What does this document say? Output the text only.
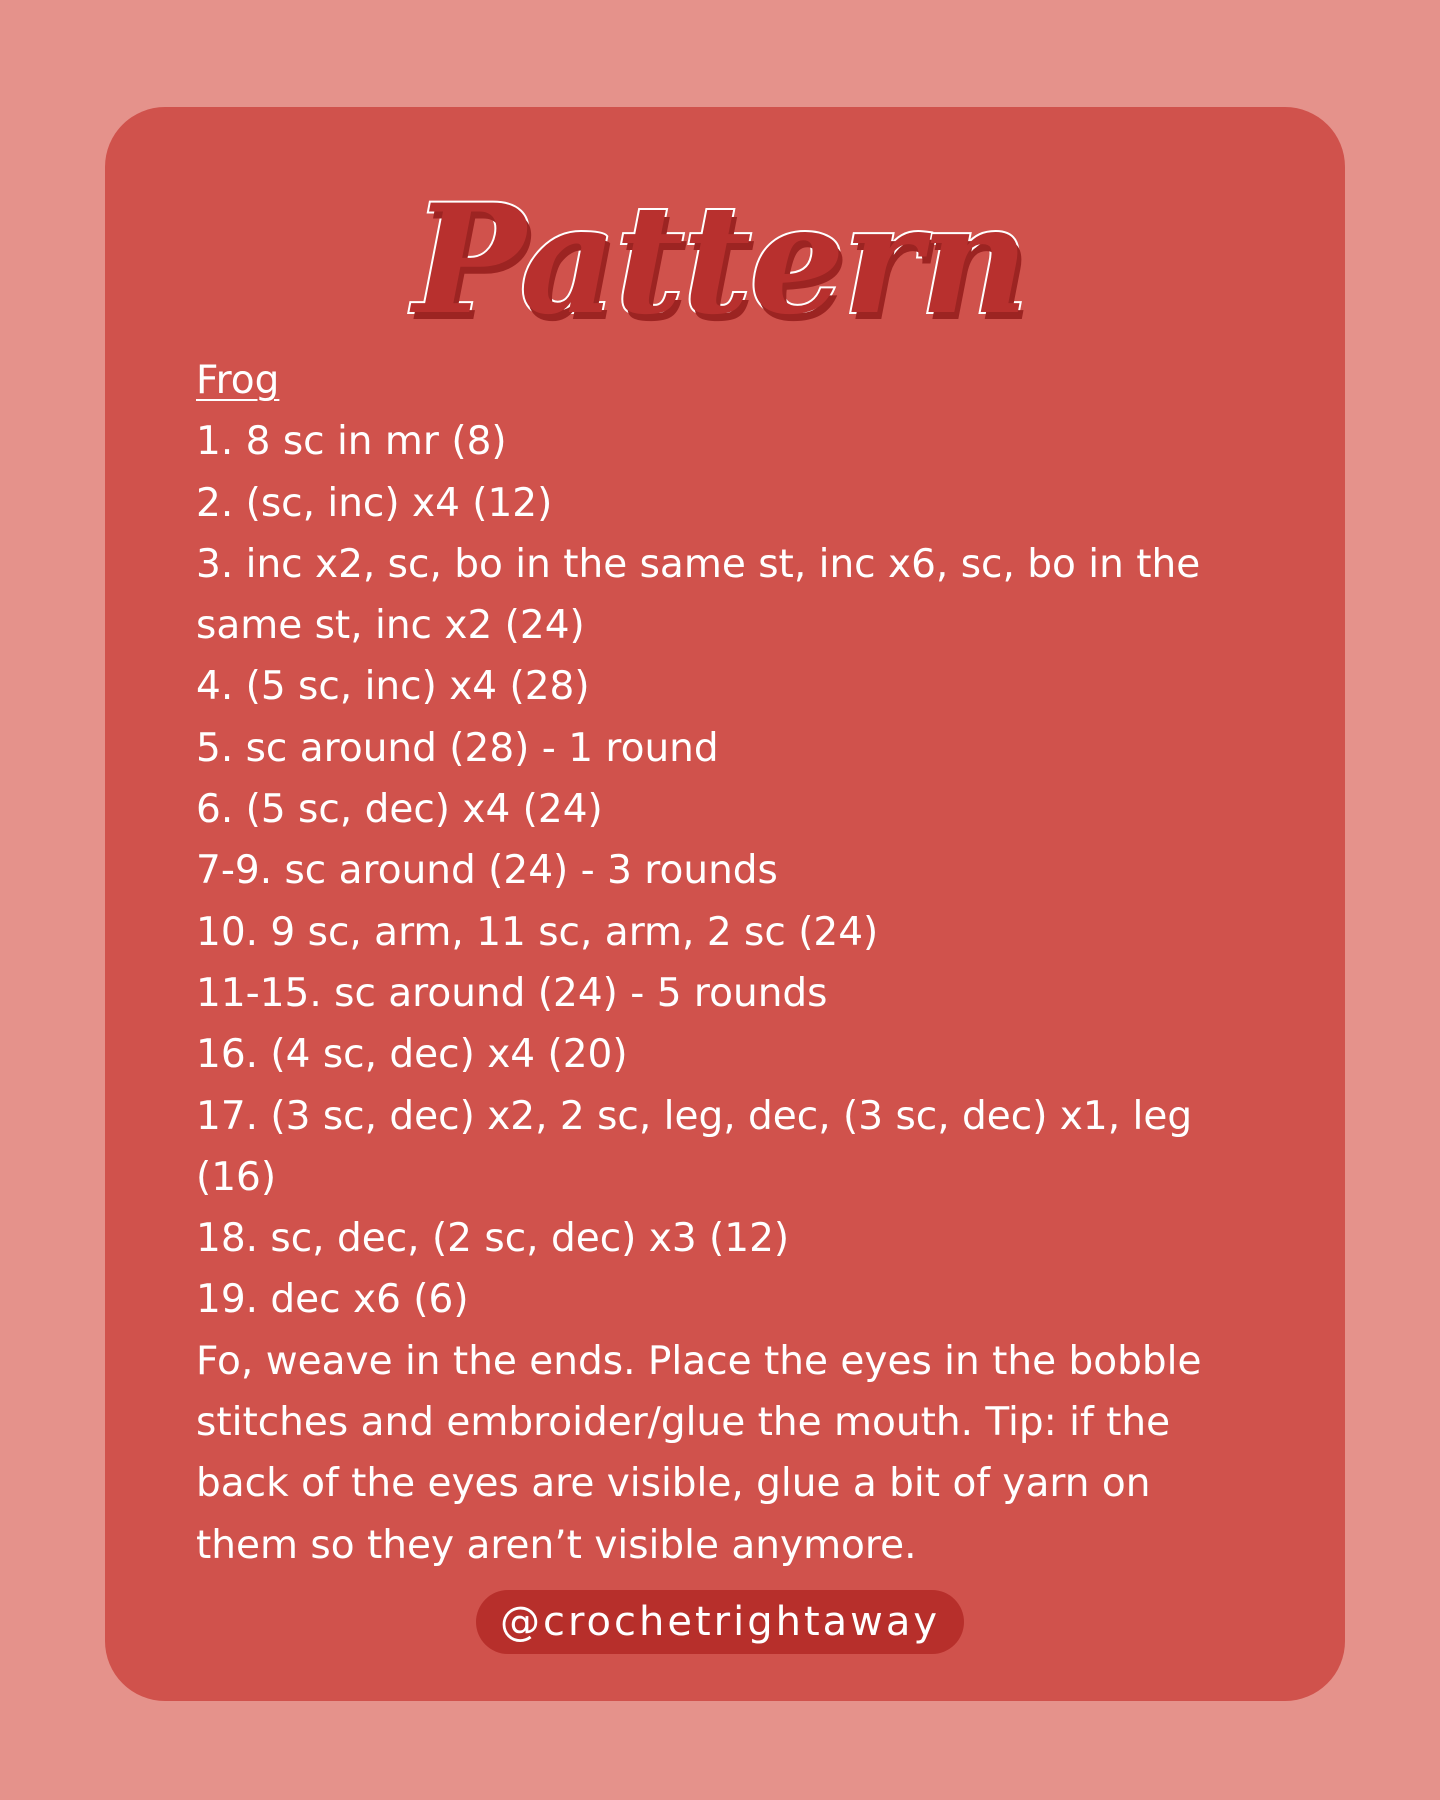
Pattern
Frog

1. 8 sc in mr (8)

2. (sc, inc) x4 (12)

3. inc x2, sc, bo in the same st, inc x6, sc, bo in the same st, inc x2 (24)

4. (5 sc, inc) x4 (28)

5. sc around (28) - 1 round

6. (5 sc, dec) x4 (24)

7-9. sc around (24) - 3 rounds

10. 9 sc, arm, 11 sc, arm, 2 sc (24)

11-15. sc around (24) - 5 rounds

16. (4 sc, dec) x4 (20)

17. (3 sc, dec) x2, 2 sc, leg, dec, (3 sc, dec) x1, leg (16)

18. sc, dec, (2 sc, dec) x3 (12)

19. dec x6 (6)

Fo, weave in the ends. Place the eyes in the bobble stitches and embroider/glue the mouth. Tip: if the back of the eyes are visible, glue a bit of yarn on them so they aren’t visible anymore.

@crochetrightaway
